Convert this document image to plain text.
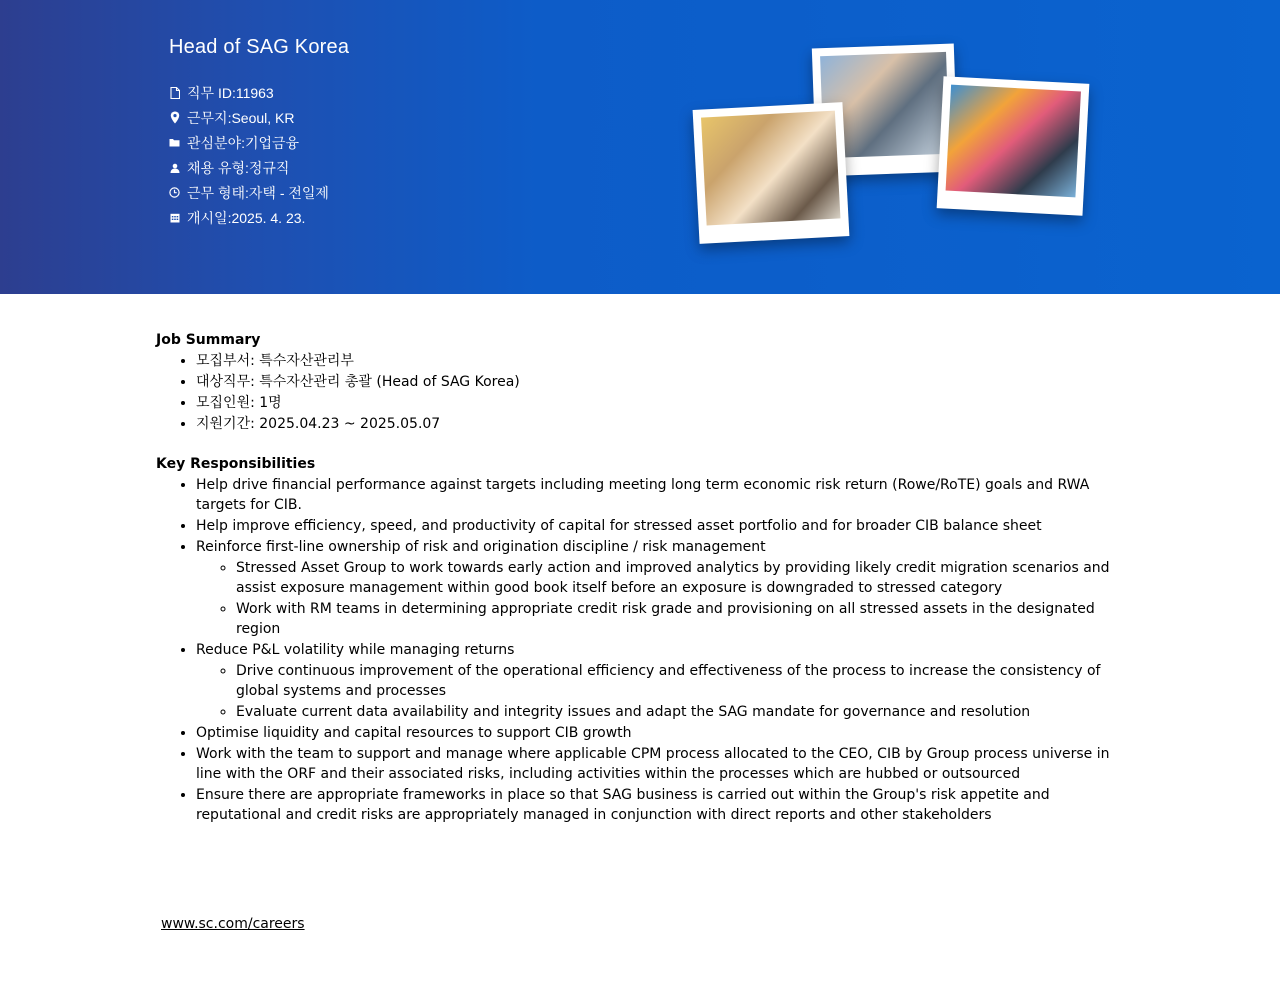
Head of SAG Korea
직무 ID:11963
근무지:Seoul, KR
관심분야:기업금융
채용 유형:정규직
근무 형태:자택 - 전일제
개시일:2025. 4. 23.
Job Summary
• 모집부서: 특수자산관리부
• 대상직무: 특수자산관리 총괄 (Head of SAG Korea)
• 모집인원: 1명
• 지원기간: 2025.04.23 ~ 2025.05.07
Key Responsibilities
• Help drive financial performance against targets including meeting long term economic risk return (Rowe/RoTE) goals and RWA targets for CIB.
• Help improve efficiency, speed, and productivity of capital for stressed asset portfolio and for broader CIB balance sheet
• Reinforce first-line ownership of risk and origination discipline / risk management
◦ Stressed Asset Group to work towards early action and improved analytics by providing likely credit migration scenarios and assist exposure management within good book itself before an exposure is downgraded to stressed category
◦ Work with RM teams in determining appropriate credit risk grade and provisioning on all stressed assets in the designated region
• Reduce P&L volatility while managing returns
◦ Drive continuous improvement of the operational efficiency and effectiveness of the process to increase the consistency of global systems and processes
◦ Evaluate current data availability and integrity issues and adapt the SAG mandate for governance and resolution
• Optimise liquidity and capital resources to support CIB growth
• Work with the team to support and manage where applicable CPM process allocated to the CEO, CIB by Group process universe in line with the ORF and their associated risks, including activities within the processes which are hubbed or outsourced
• Ensure there are appropriate frameworks in place so that SAG business is carried out within the Group's risk appetite and reputational and credit risks are appropriately managed in conjunction with direct reports and other stakeholders
www.sc.com/careers
